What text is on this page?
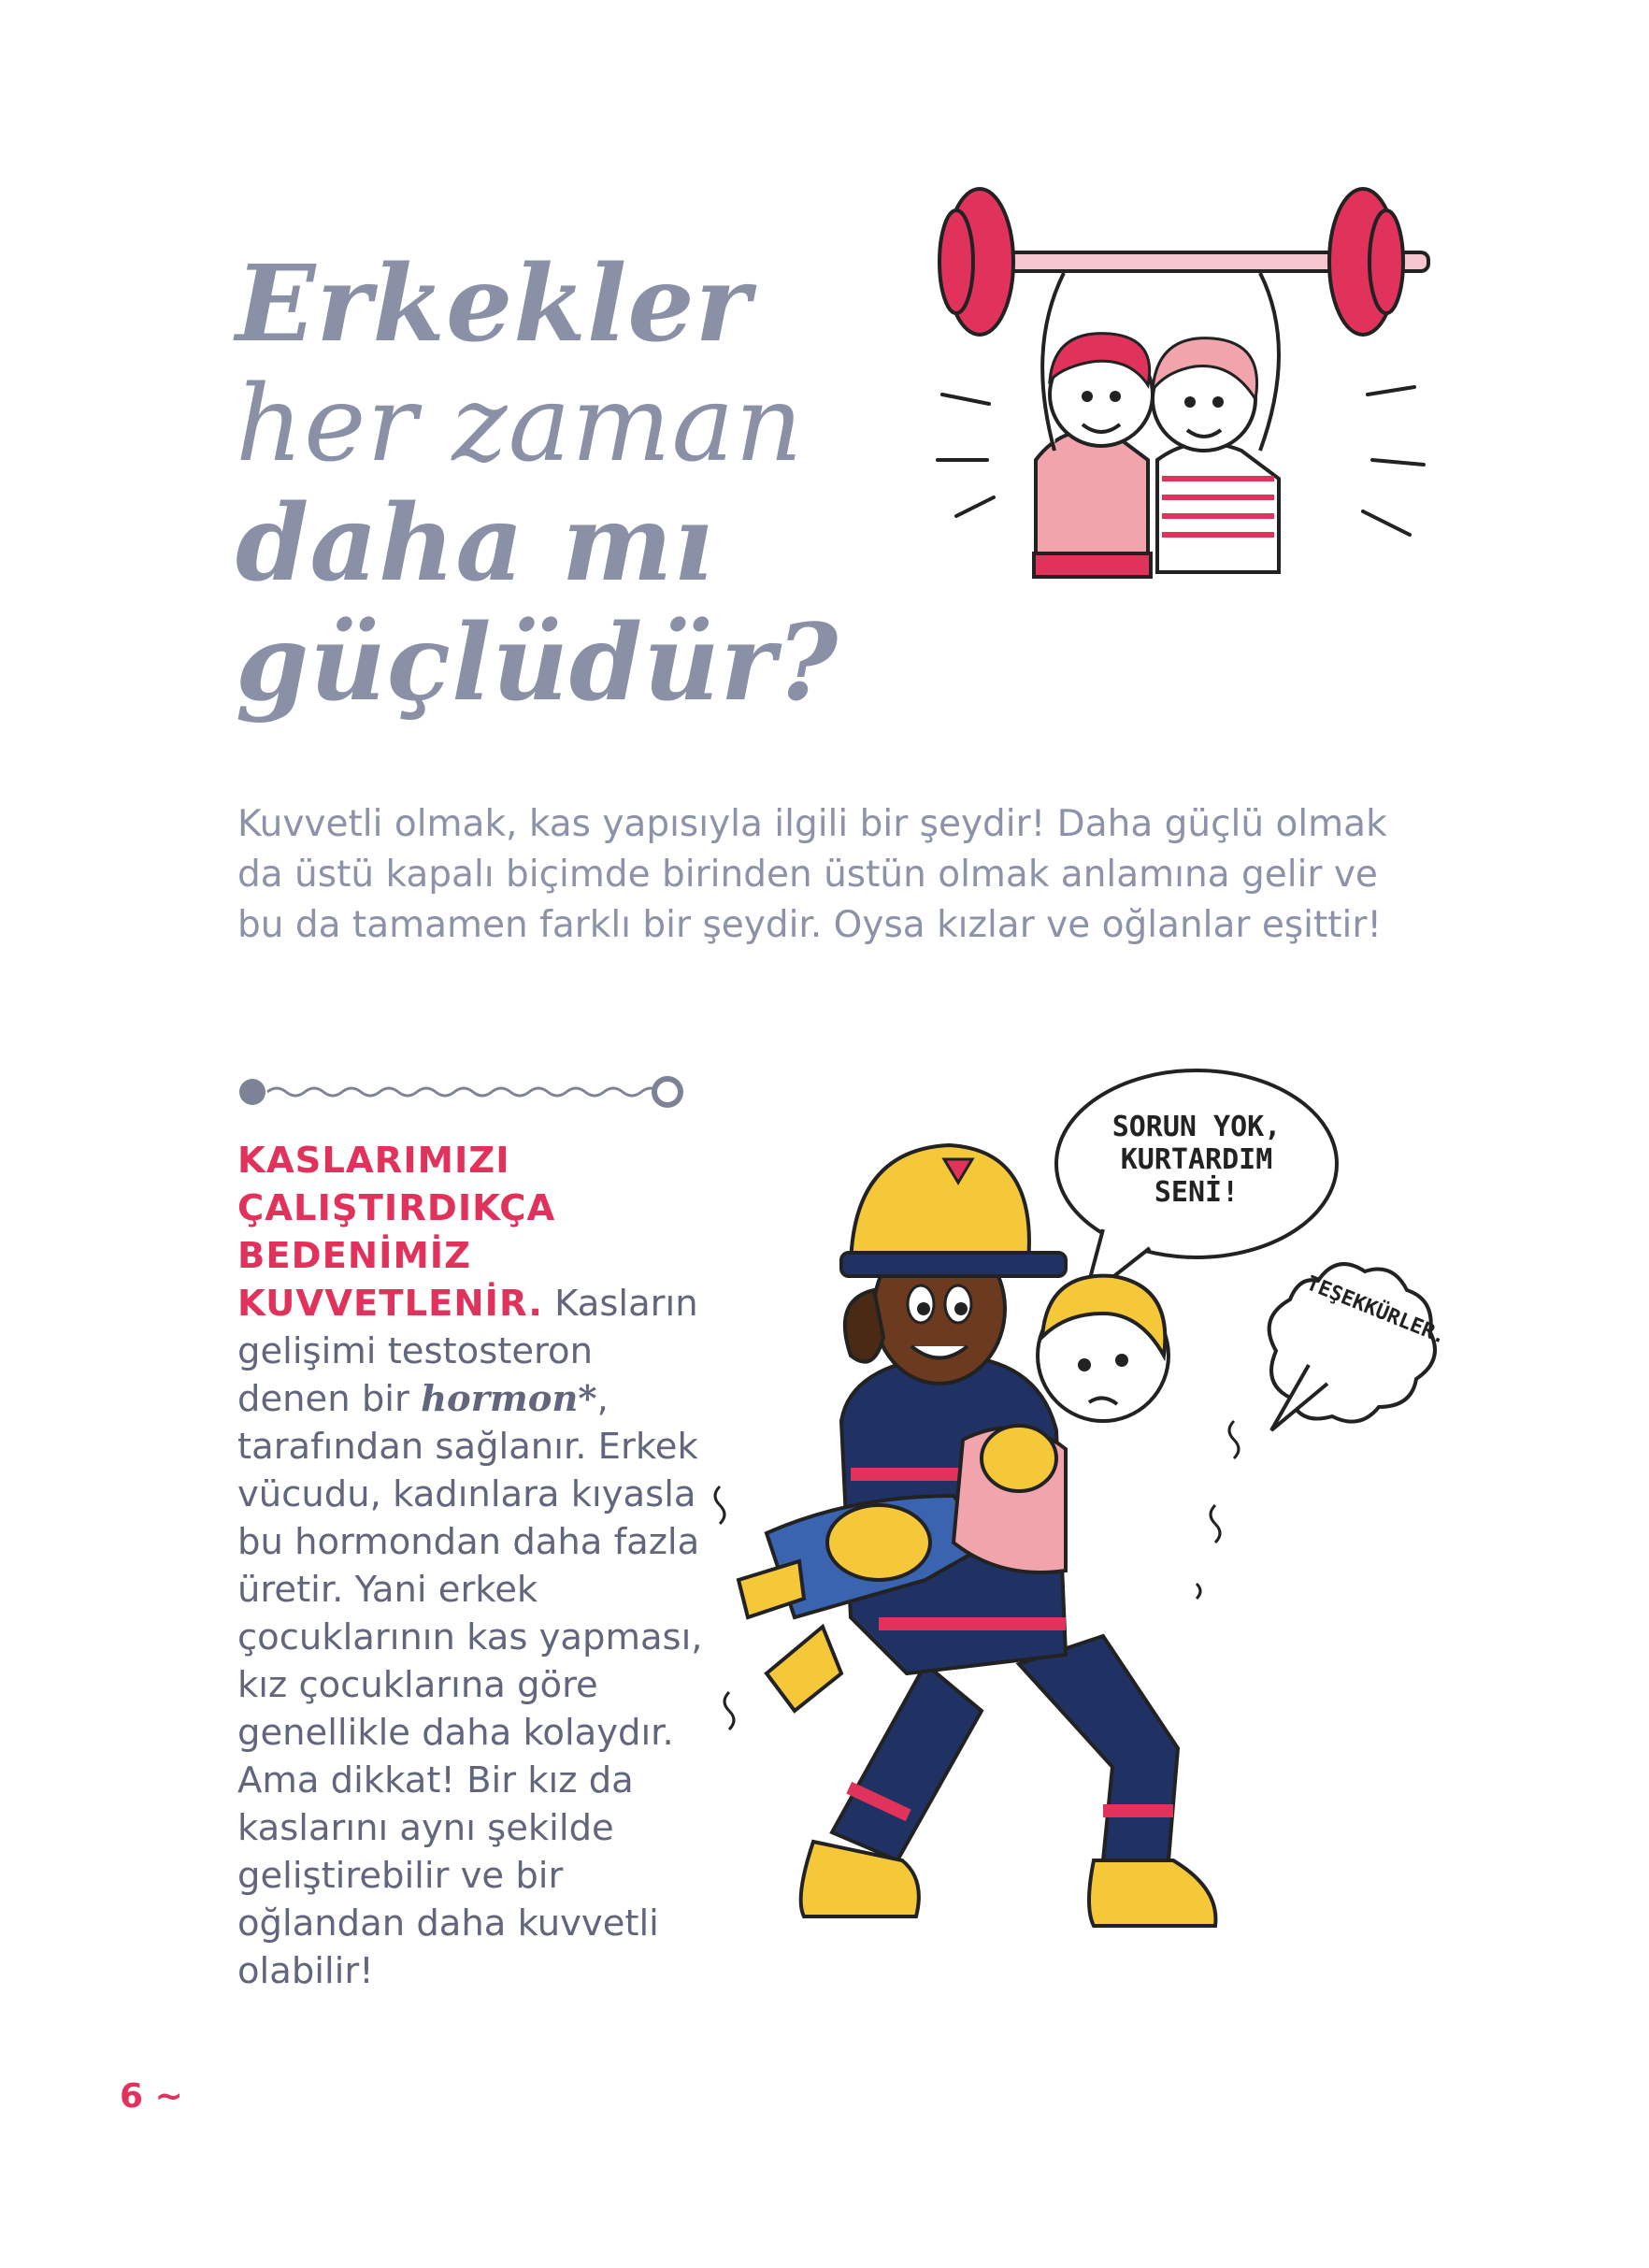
Erkekler
her zaman
daha mı
güçlüdür?

Kuvvetli olmak, kas yapısıyla ilgili bir şeydir! Daha güçlü olmak da üstü kapalı biçimde birinden üstün olmak anlamına gelir ve bu da tamamen farklı bir şeydir. Oysa kızlar ve oğlanlar eşittir!

KASLARIMIZI
ÇALIŞTIRDIKÇA
BEDENİMİZ
KUVVETLENİR. Kasların gelişimi testosteron denen bir hormon*, tarafından sağlanır. Erkek vücudu, kadınlara kıyasla bu hormondan daha fazla üretir. Yani erkek çocuklarının kas yapması, kız çocuklarına göre genellikle daha kolaydır. Ama dikkat! Bir kız da kaslarını aynı şekilde geliştirebilir ve bir oğlandan daha kuvvetli olabilir!

SORUN YOK,
KURTARDIM
SENİ!
TEŞEKKÜRLER.
6 ~
